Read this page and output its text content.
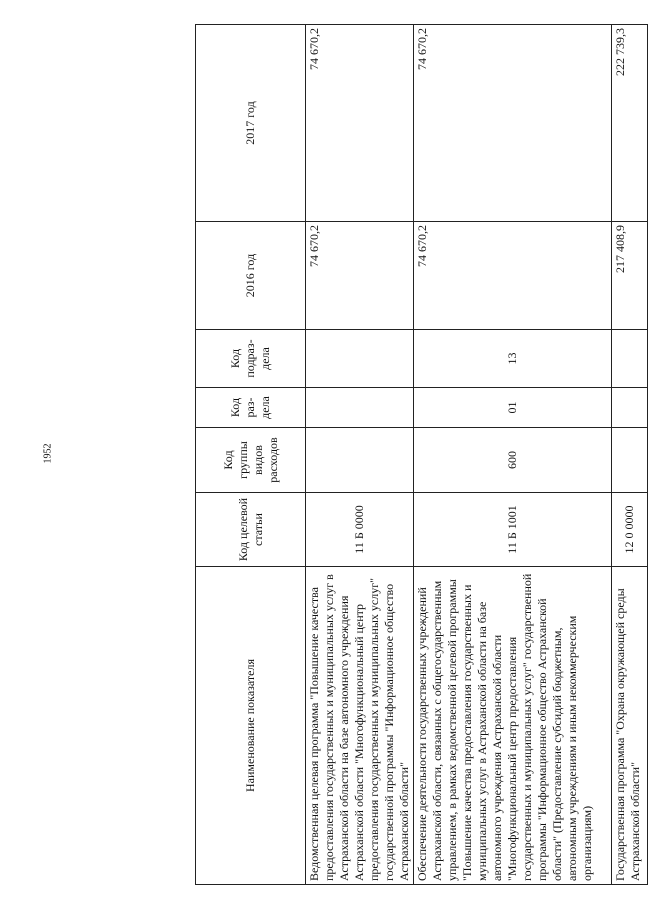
1952
Наименование показателя	Код целевой статьи	Код группы видов расходов	Код раз-дела	Код подраз-дела	2016 год	2017 год
Ведомственная целевая программа "Повышение качества предоставления государственных и муниципальных услуг в Астраханской области на базе автономного учреждения Астраханской области "Многофункциональный центр предоставления государственных и муниципальных услуг" государственной программы "Информационное общество Астраханской области"	11 Б 0000				74 670,2	74 670,2
Обеспечение деятельности государственных учреждений Астраханской области, связанных с общегосударственным управлением, в рамках ведомственной целевой программы "Повышение качества предоставления государственных и муниципальных услуг в Астраханской области на базе автономного учреждения Астраханской области "Многофункциональный центр предоставления государственных и муниципальных услуг" государственной программы "Информационное общество Астраханской области" (Предоставление субсидий бюджетным, автономным учреждениям и иным некоммерческим организациям)	11 Б 1001	600	01	13	74 670,2	74 670,2
Государственная программа "Охрана окружающей среды Астраханской области"	12 0 0000				217 408,9	222 739,3
